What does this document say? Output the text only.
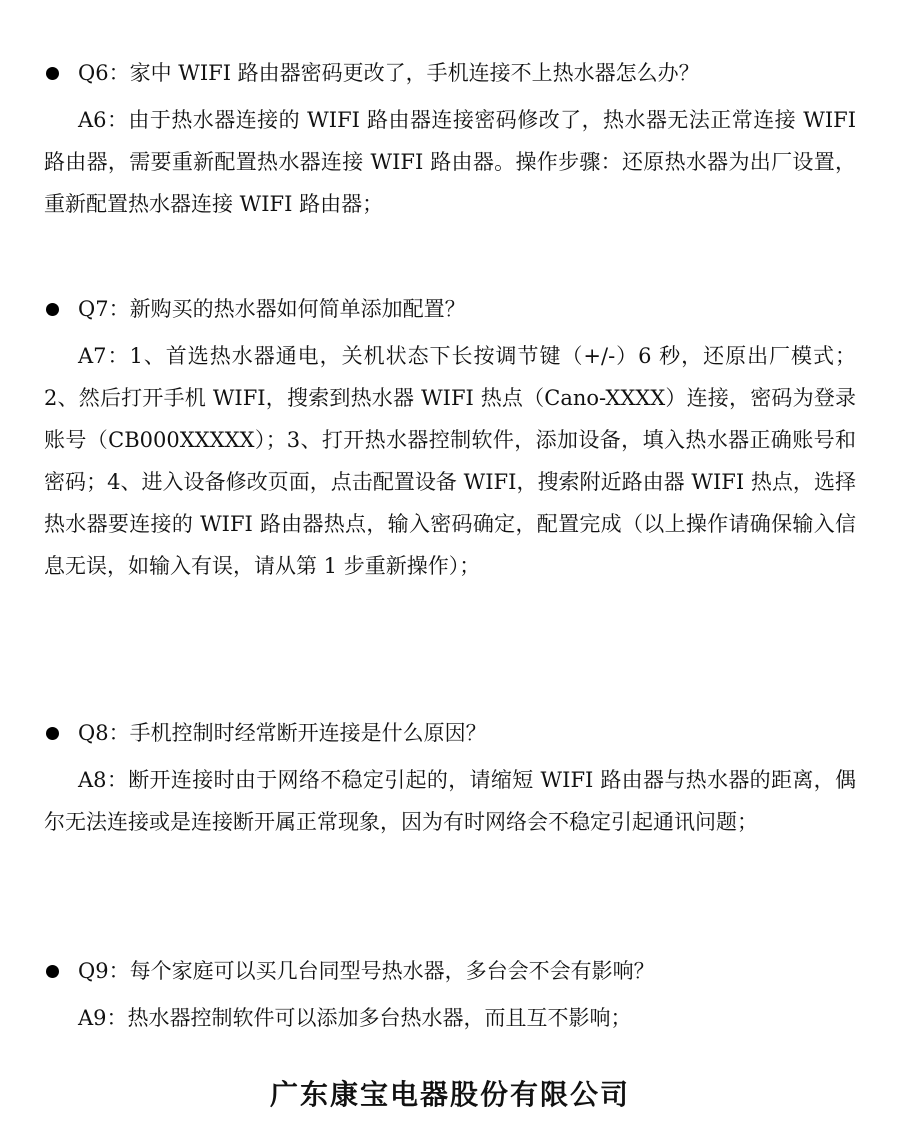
Q6：家中 WIFI 路由器密码更改了，手机连接不上热水器怎么办？
A6：由于热水器连接的 WIFI 路由器连接密码修改了，热水器无法正常连接 WIFI 路由器，需要重新配置热水器连接 WIFI 路由器。操作步骤：还原热水器为出厂设置，重新配置热水器连接 WIFI 路由器；
Q7：新购买的热水器如何简单添加配置？
A7：1、首选热水器通电，关机状态下长按调节键（+/-）6 秒，还原出厂模式；2、然后打开手机 WIFI，搜索到热水器 WIFI 热点（Cano-XXXX）连接，密码为登录账号（CB000XXXXX）；3、打开热水器控制软件，添加设备，填入热水器正确账号和密码；4、进入设备修改页面，点击配置设备 WIFI，搜索附近路由器 WIFI 热点，选择热水器要连接的 WIFI 路由器热点，输入密码确定，配置完成（以上操作请确保输入信息无误，如输入有误，请从第 1 步重新操作）；
Q8：手机控制时经常断开连接是什么原因？
A8：断开连接时由于网络不稳定引起的，请缩短 WIFI 路由器与热水器的距离，偶尔无法连接或是连接断开属正常现象，因为有时网络会不稳定引起通讯问题；
Q9：每个家庭可以买几台同型号热水器，多台会不会有影响？
A9：热水器控制软件可以添加多台热水器，而且互不影响；
广东康宝电器股份有限公司
